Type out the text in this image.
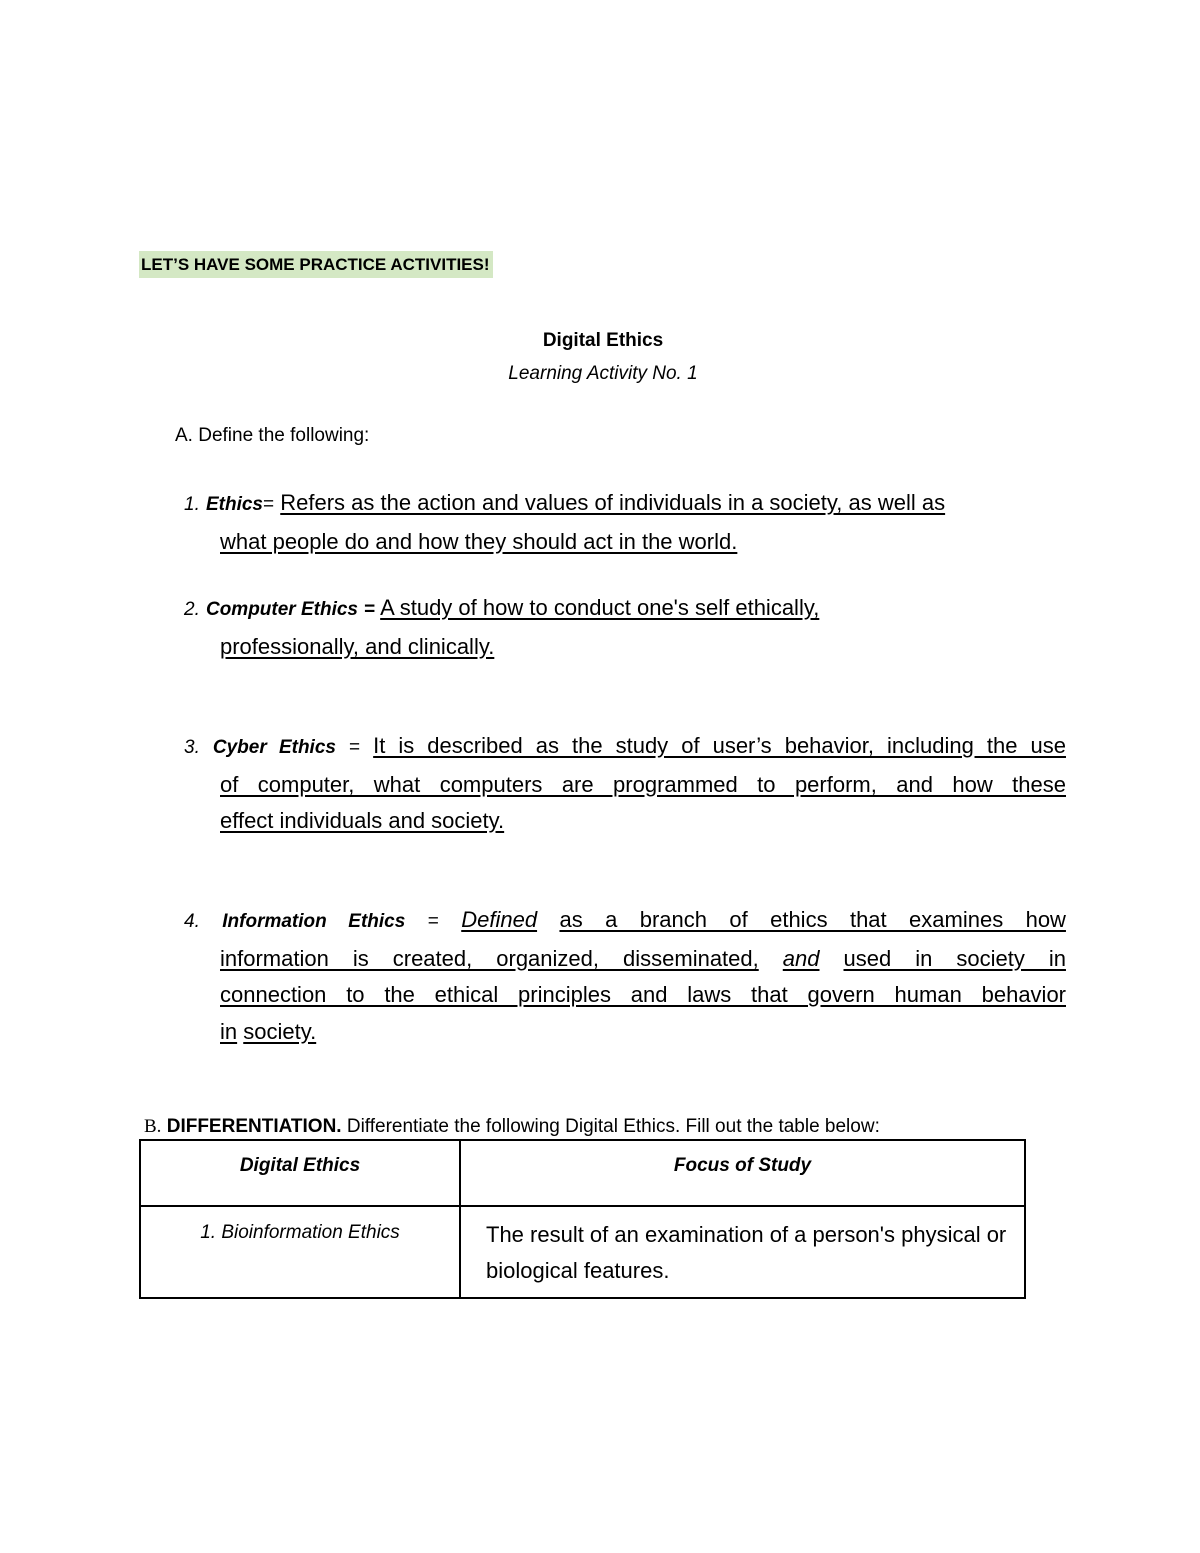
LET’S HAVE SOME PRACTICE ACTIVITIES!
Digital Ethics
Learning Activity No. 1
A. Define the following:
1. Ethics= Refers as the action and values of individuals in a society, as well as
what people do and how they should act in the world.
2. Computer Ethics = A study of how to conduct one's self ethically,
professionally, and clinically.
3. Cyber Ethics = It is described as the study of user’s behavior, including the use
of computer, what computers are programmed to perform, and how these
effect individuals and society.
4. Information Ethics = Defined as a branch of ethics that examines how
information is created, organized, disseminated, and used in society in
connection to the ethical principles and laws that govern human behavior
in society.
B. DIFFERENTIATION. Differentiate the following Digital Ethics. Fill out the table below:
Digital Ethics	Focus of Study

1. Bioinformation Ethics	The result of an examination of a person's physical or biological features.
